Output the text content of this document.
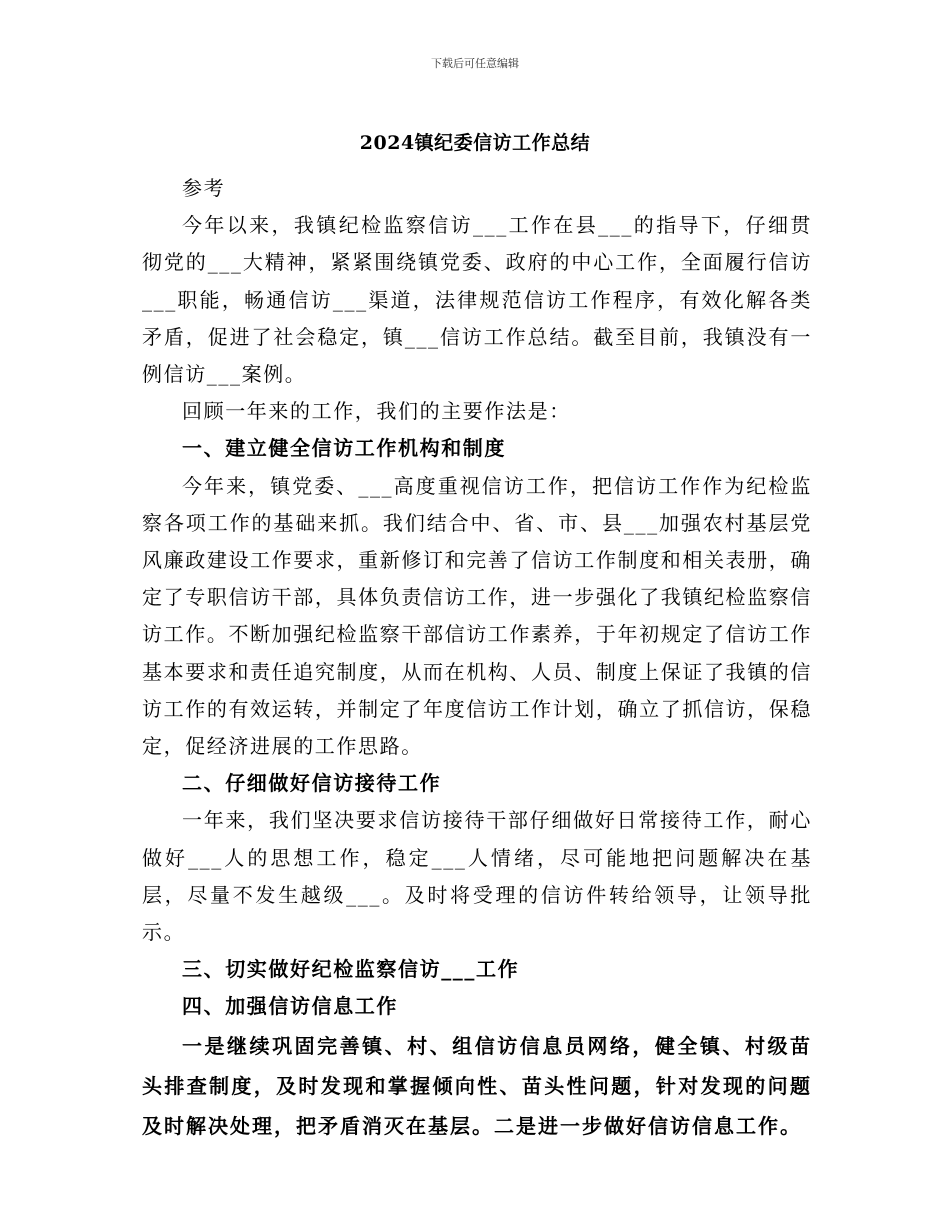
下载后可任意编辑
2024镇纪委信访工作总结

参考

今年以来，我镇纪检监察信访___工作在县___的指导下，仔细贯彻党的___大精神，紧紧围绕镇党委、政府的中心工作，全面履行信访___职能，畅通信访___渠道，法律规范信访工作程序，有效化解各类矛盾，促进了社会稳定，镇___信访工作总结。截至目前，我镇没有一例信访___案例。

回顾一年来的工作，我们的主要作法是：

一、建立健全信访工作机构和制度

今年来，镇党委、___高度重视信访工作，把信访工作作为纪检监察各项工作的基础来抓。我们结合中、省、市、县___加强农村基层党风廉政建设工作要求，重新修订和完善了信访工作制度和相关表册，确定了专职信访干部，具体负责信访工作，进一步强化了我镇纪检监察信访工作。不断加强纪检监察干部信访工作素养，于年初规定了信访工作基本要求和责任追究制度，从而在机构、人员、制度上保证了我镇的信访工作的有效运转，并制定了年度信访工作计划，确立了抓信访，保稳定，促经济进展的工作思路。

二、仔细做好信访接待工作

一年来，我们坚决要求信访接待干部仔细做好日常接待工作，耐心做好___人的思想工作，稳定___人情绪，尽可能地把问题解决在基层，尽量不发生越级___。及时将受理的信访件转给领导，让领导批示。

三、切实做好纪检监察信访___工作

四、加强信访信息工作

一是继续巩固完善镇、村、组信访信息员网络，健全镇、村级苗头排查制度，及时发现和掌握倾向性、苗头性问题，针对发现的问题及时解决处理，把矛盾消灭在基层。二是进一步做好信访信息工作。
